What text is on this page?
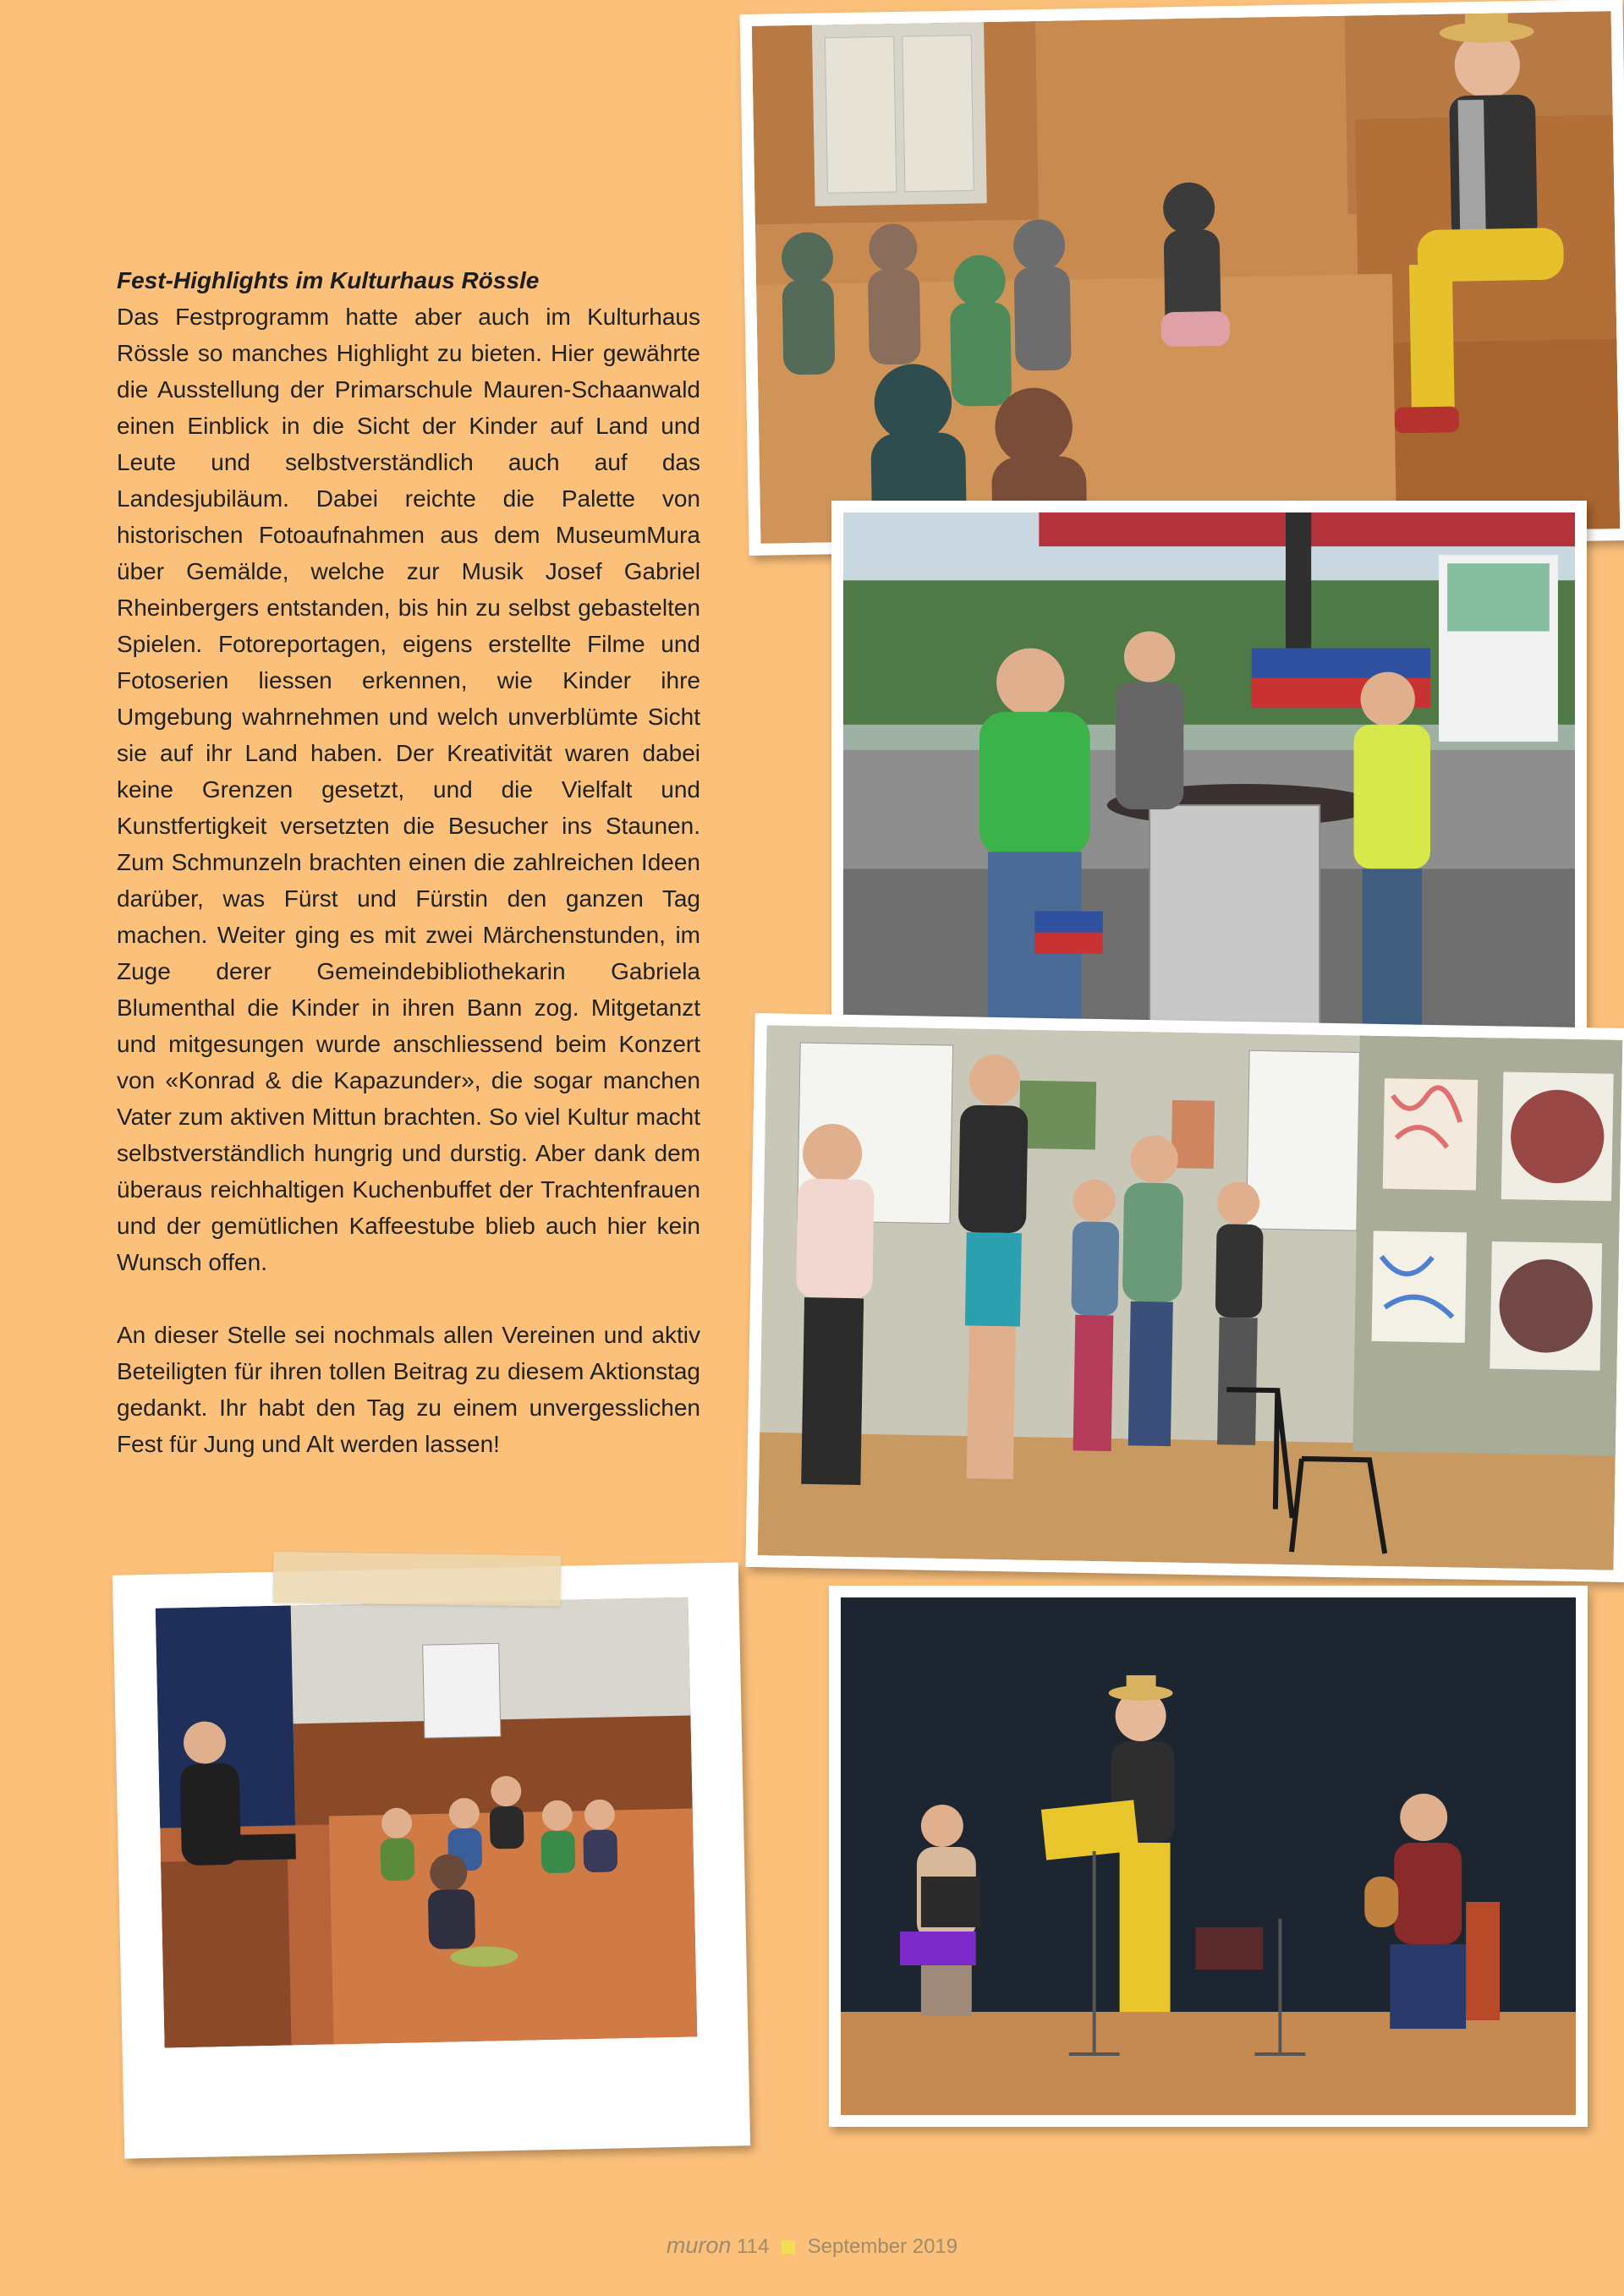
Fest-Highlights im Kulturhaus Rössle

Das Festprogramm hatte aber auch im Kulturhaus Rössle so manches Highlight zu bieten. Hier gewährte die Ausstellung der Primarschule Mauren-Schaanwald einen Einblick in die Sicht der Kinder auf Land und Leute und selbstverständlich auch auf das Landesjubiläum. Dabei reichte die Palette von historischen Fotoaufnahmen aus dem MuseumMura über Gemälde, welche zur Musik Josef Gabriel Rheinbergers entstanden, bis hin zu selbst gebastelten Spielen. Fotoreportagen, eigens erstellte Filme und Fotoserien liessen erkennen, wie Kinder ihre Umgebung wahrnehmen und welch unverblümte Sicht sie auf ihr Land haben. Der Kreativität waren dabei keine Grenzen gesetzt, und die Vielfalt und Kunstfertigkeit versetzten die Besucher ins Staunen. Zum Schmunzeln brachten einen die zahlreichen Ideen darüber, was Fürst und Fürstin den ganzen Tag machen. Weiter ging es mit zwei Märchenstunden, im Zuge derer Gemeindebibliothekarin Gabriela Blumenthal die Kinder in ihren Bann zog. Mitgetanzt und mitgesungen wurde anschliessend beim Konzert von «Konrad & die Kapazunder», die sogar manchen Vater zum aktiven Mittun brachten. So viel Kultur macht selbstverständlich hungrig und durstig. Aber dank dem überaus reichhaltigen Kuchenbuffet der Trachtenfrauen und der gemütlichen Kaffeestube blieb auch hier kein Wunsch offen.

An dieser Stelle sei nochmals allen Vereinen und aktiv Beteiligten für ihren tollen Beitrag zu diesem Aktionstag gedankt. Ihr habt den Tag zu einem unvergesslichen Fest für Jung und Alt werden lassen!

muron 114 September 2019
